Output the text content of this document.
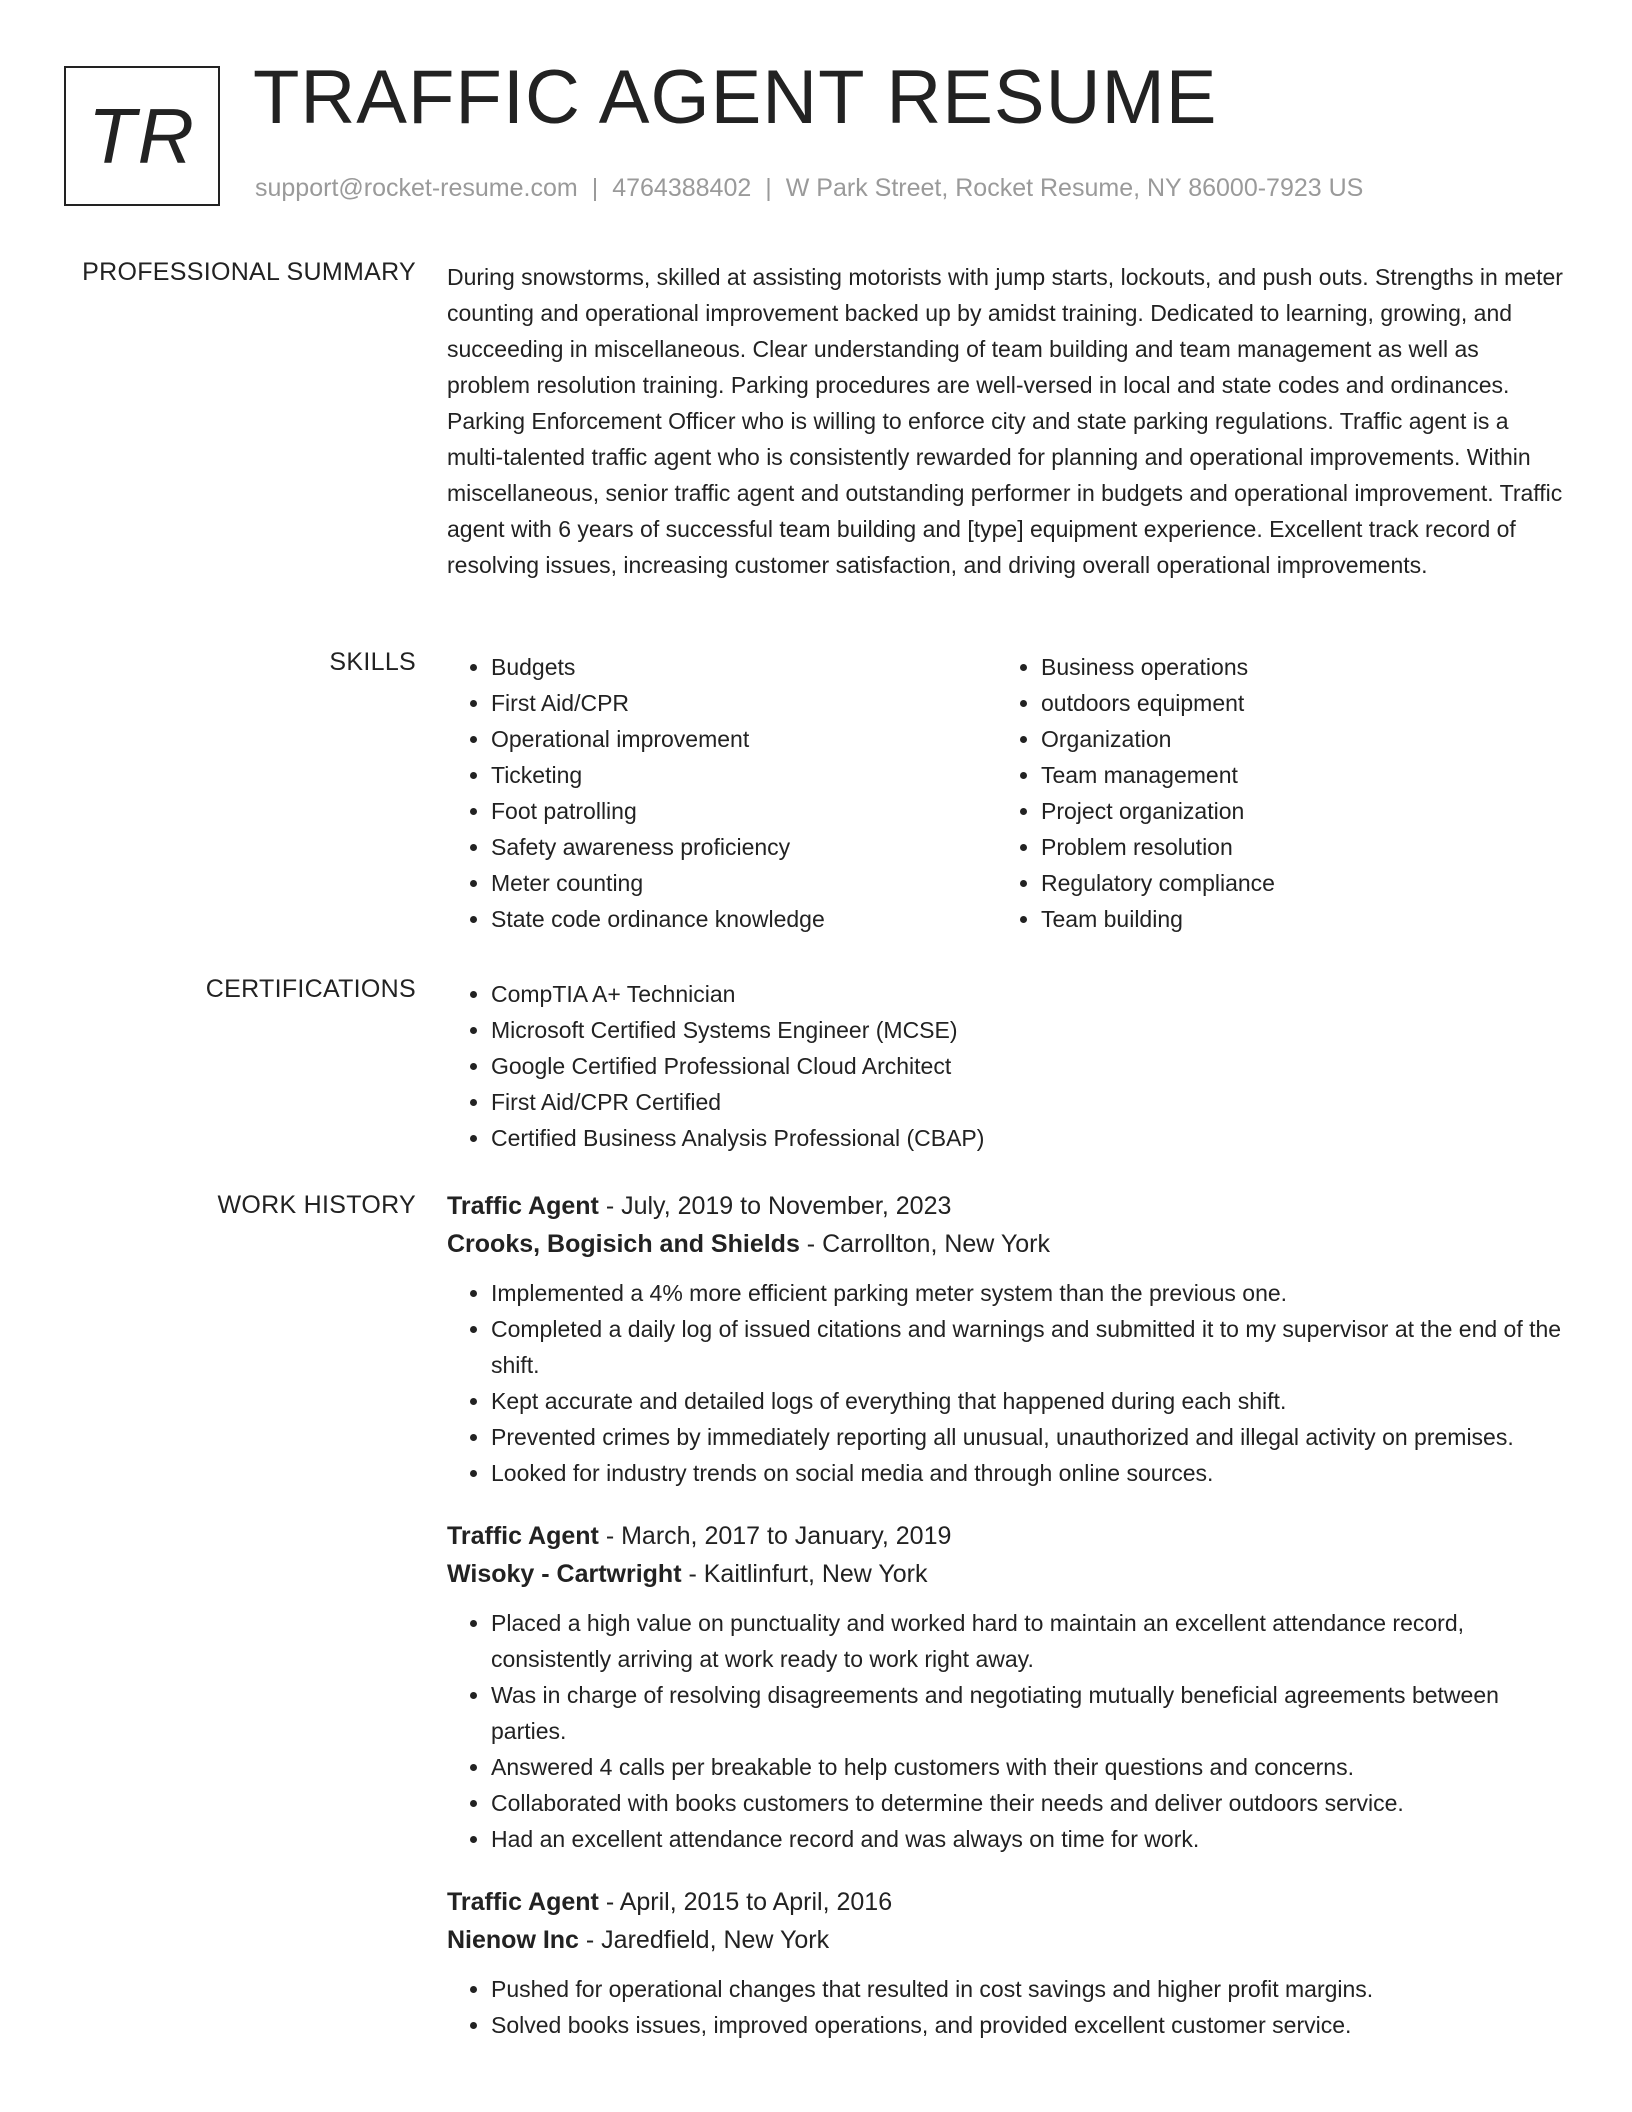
TR TRAFFIC AGENT RESUME
support@rocket-resume.com | 4764388402 | W Park Street, Rocket Resume, NY 86000-7923 US
PROFESSIONAL SUMMARY During snowstorms, skilled at assisting motorists with jump starts, lockouts, and push outs. Strengths in meter counting and operational improvement backed up by amidst training. Dedicated to learning, growing, and succeeding in miscellaneous. Clear understanding of team building and team management as well as problem resolution training. Parking procedures are well-versed in local and state codes and ordinances. Parking Enforcement Officer who is willing to enforce city and state parking regulations. Traffic agent is a multi-talented traffic agent who is consistently rewarded for planning and operational improvements. Within miscellaneous, senior traffic agent and outstanding performer in budgets and operational improvement. Traffic agent with 6 years of successful team building and [type] equipment experience. Excellent track record of resolving issues, increasing customer satisfaction, and driving overall operational improvements.

SKILLS	• Budgets
• First Aid/CPR
• Operational improvement
• Ticketing
• Foot patrolling
• Safety awareness proficiency
• Meter counting
• State code ordinance knowledge
• Business operations
• outdoors equipment
• Organization
• Team management
• Project organization
• Problem resolution
• Regulatory compliance
• Team building
CERTIFICATIONS	• CompTIA A+ Technician
• Microsoft Certified Systems Engineer (MCSE)
• Google Certified Professional Cloud Architect
• First Aid/CPR Certified
• Certified Business Analysis Professional (CBAP)
WORK HISTORY Traffic Agent - July, 2019 to November, 2023
Crooks, Bogisich and Shields - Carrollton, New York
• Implemented a 4% more efficient parking meter system than the previous one.
• Completed a daily log of issued citations and warnings and submitted it to my supervisor at the end of the shift.
• Kept accurate and detailed logs of everything that happened during each shift.
• Prevented crimes by immediately reporting all unusual, unauthorized and illegal activity on premises.
• Looked for industry trends on social media and through online sources.
Traffic Agent - March, 2017 to January, 2019
Wisoky - Cartwright - Kaitlinfurt, New York
• Placed a high value on punctuality and worked hard to maintain an excellent attendance record, consistently arriving at work ready to work right away.
• Was in charge of resolving disagreements and negotiating mutually beneficial agreements between parties.
• Answered 4 calls per breakable to help customers with their questions and concerns.
• Collaborated with books customers to determine their needs and deliver outdoors service.
• Had an excellent attendance record and was always on time for work.
Traffic Agent - April, 2015 to April, 2016
Nienow Inc - Jaredfield, New York
• Pushed for operational changes that resulted in cost savings and higher profit margins.
• Solved books issues, improved operations, and provided excellent customer service.
